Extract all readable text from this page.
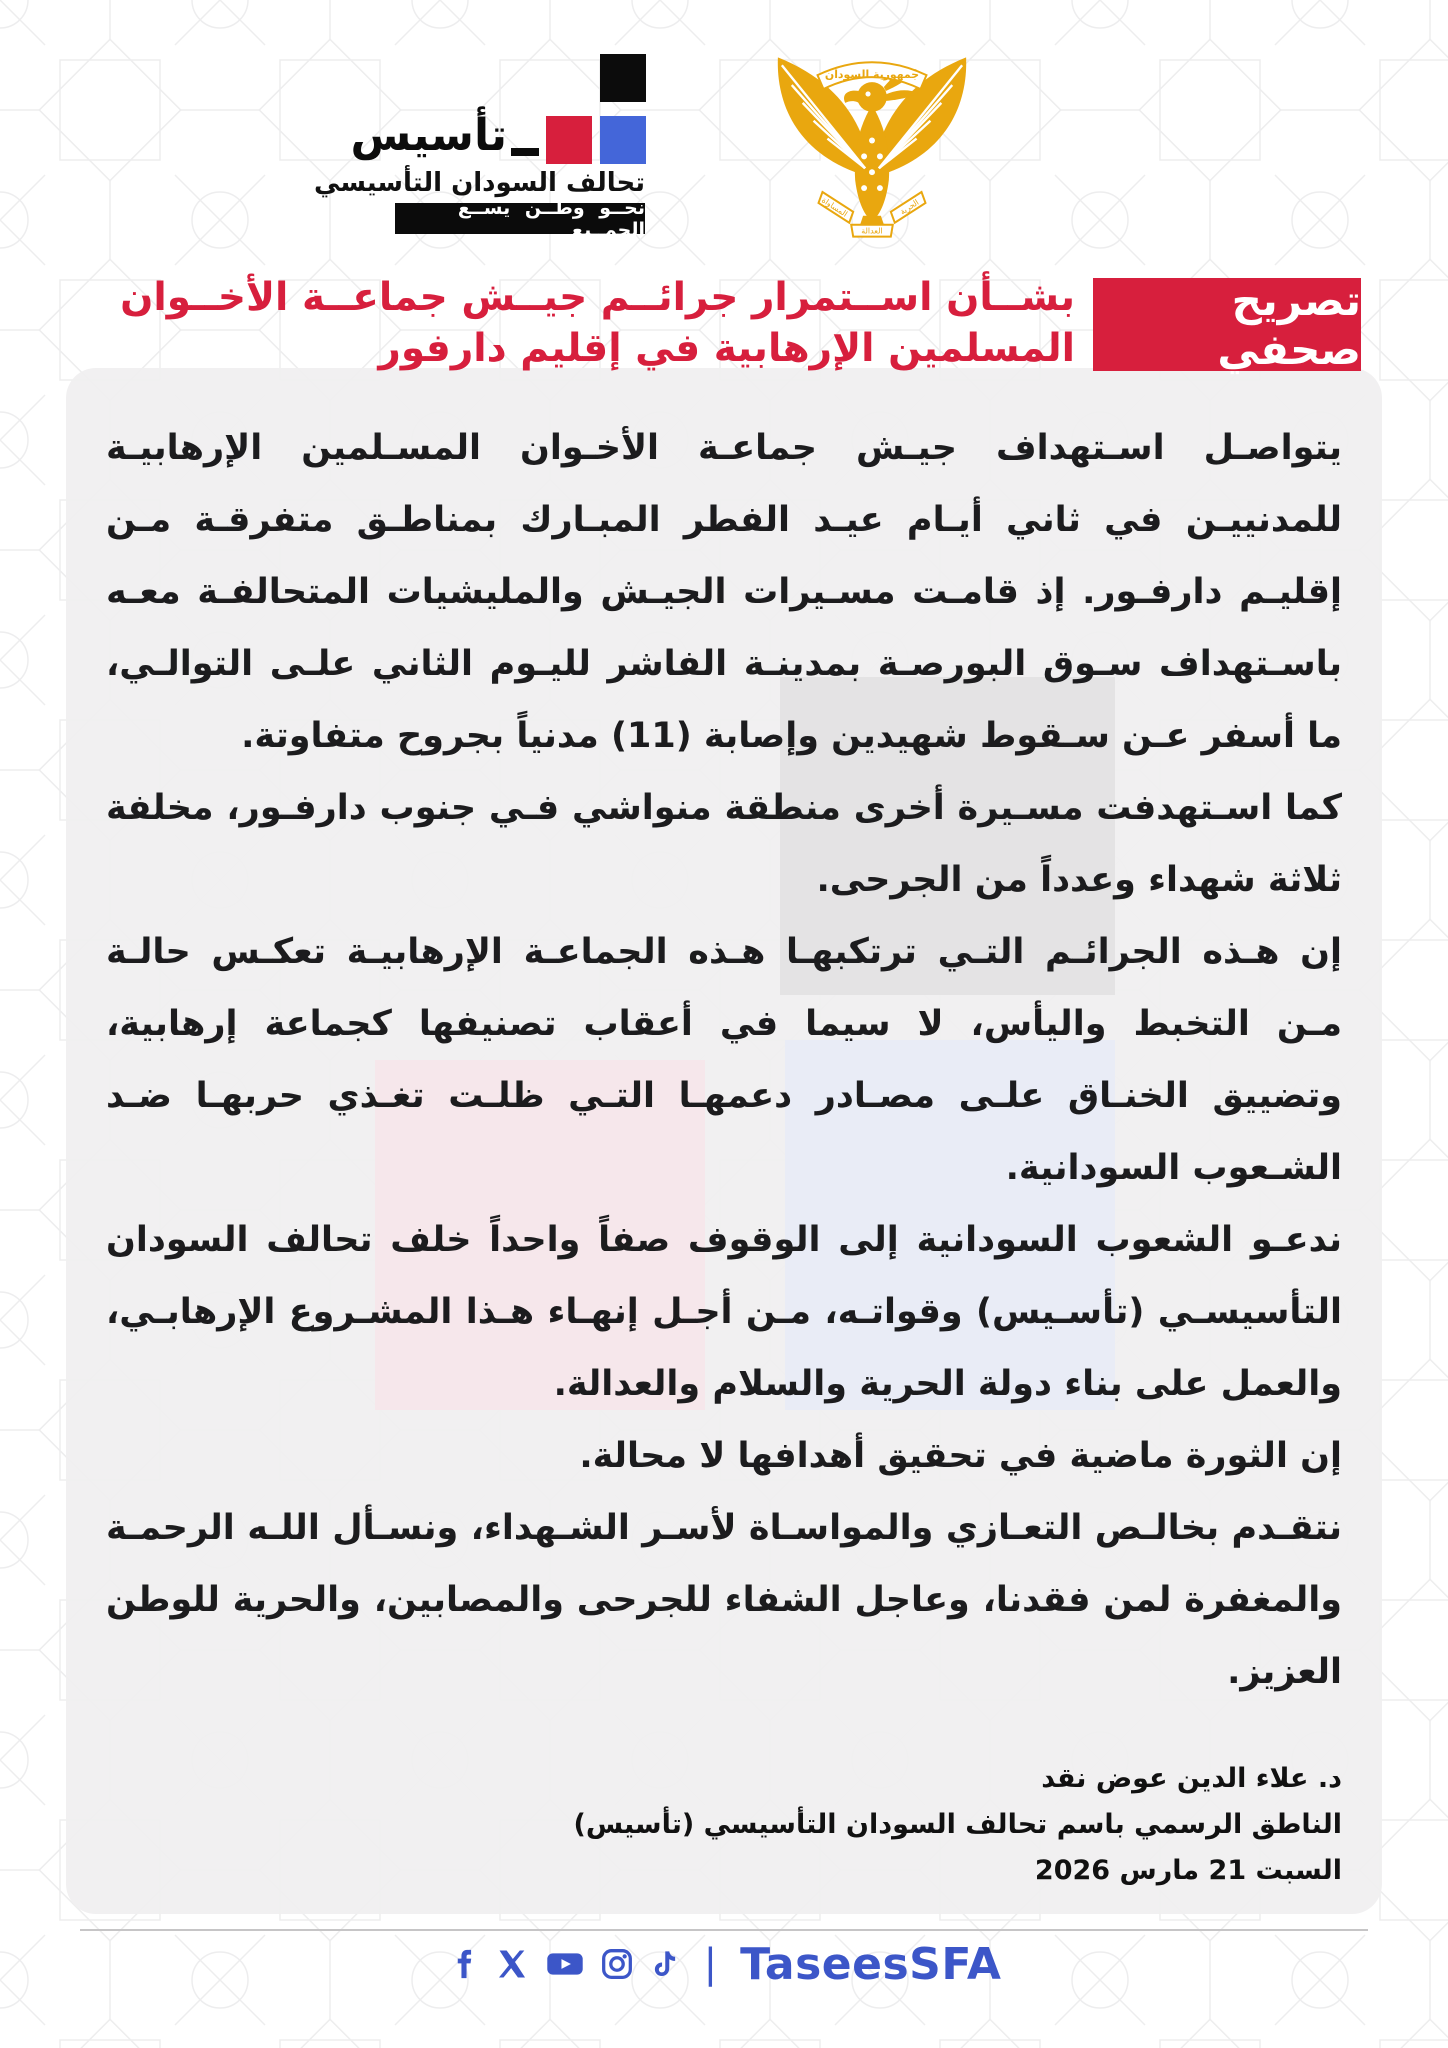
تأسيس
تحالف السودان التأسيسي
نحــو وطــن يســع الجمــيع
جمهورية السودان
المساواة	الحرية
العدالة
تصريح صحفي
بشــأن اســتمرار جرائــم جيــش جماعــة الأخــوان
المسلمين الإرهابية في إقليم دارفور

يتواصـل اسـتهداف جيـش جماعـة الأخـوان المسـلمين الإرهابيـة للمدنييـن في ثاني أيـام عيـد الفطر المبـارك بمناطـق متفرقـة مـن إقليـم دارفـور. إذ قامـت مسـيرات الجيـش والمليشيات المتحالفـة معـه باسـتهداف سـوق البورصـة بمدينـة الفاشر لليـوم الثاني علـى التوالـي، ما أسفر عـن سـقوط شهيدين وإصابة (11) مدنياً بجروح متفاوتة.

كما اسـتهدفت مسـيرة أخرى منطقة منواشي فـي جنوب دارفـور، مخلفة ثلاثة شهداء وعدداً من الجرحى.

إن هـذه الجرائـم التـي ترتكبهـا هـذه الجماعـة الإرهابيـة تعكـس حالـة مـن التخبط واليأس، لا سيما في أعقاب تصنيفها كجماعة إرهابية، وتضييق الخنـاق علـى مصـادر دعمهـا التـي ظلـت تغـذي حربهـا ضـد الشـعوب السودانية.

ندعـو الشعوب السودانية إلى الوقوف صفاً واحداً خلف تحالف السودان التأسيسـي (تأسـيس) وقواتـه، مـن أجـل إنهـاء هـذا المشـروع الإرهابـي، والعمل على بناء دولة الحرية والسلام والعدالة.

إن الثورة ماضية في تحقيق أهدافها لا محالة.

نتقـدم بخالـص التعـازي والمواسـاة لأسـر الشـهداء، ونسـأل اللـه الرحمـة والمغفرة لمن فقدنا، وعاجل الشفاء للجرحى والمصابين، والحرية للوطن العزيز.

د. علاء الدين عوض نقد
الناطق الرسمي باسم تحالف السودان التأسيسي (تأسيس)
السبت 21 مارس 2026
| TaseesSFA
